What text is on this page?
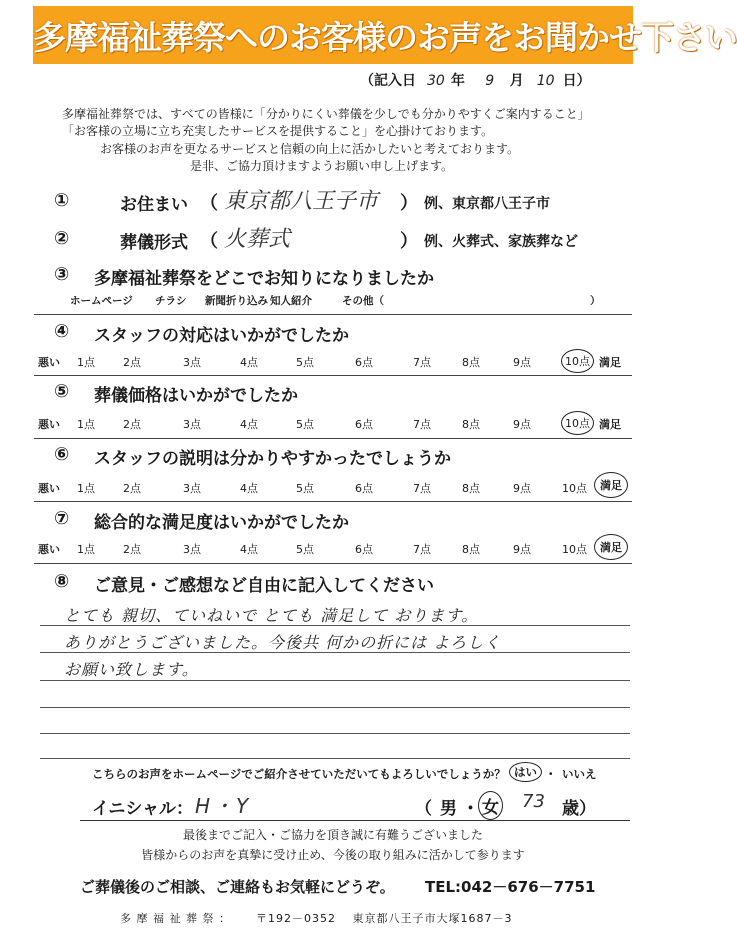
多摩福祉葬祭へのお客様のお声をお聞かせ下さい
（記入日 30 年 9 月 10 日）
多摩福祉葬祭では、すべての皆様に「分かりにくい葬儀を少しでも分かりやすくご案内すること」
「お客様の立場に立ち充実したサービスを提供すること」を心掛けております。
お客様のお声を更なるサービスと信頼の向上に活かしたいと考えております。
是非、ご協力頂けますようお願い申し上げます。
①	お住まい （ 東京都八王子市 ） 例、東京都八王子市
②	葬儀形式 （ 火葬式	） 例、火葬式、家族葬など
③ 多摩福祉葬祭をどこでお知りになりましたか
ホームページ チラシ 新聞折り込み 知人紹介	その他（	）
④ スタッフの対応はいかがでしたか
悪い 1点	2点	3点	4点	5点	6点	7点	8点	9点	10点 満足
⑤ 葬儀価格はいかがでしたか
悪い 1点	2点	3点	4点	5点	6点	7点	8点	9点	10点 満足
⑥ スタッフの説明は分かりやすかったでしょうか
悪い 1点	2点	3点	4点	5点	6点	7点	8点	9点	10点	満足
⑦ 総合的な満足度はいかがでしたか
悪い 1点	2点	3点	4点	5点	6点	7点	8点	9点	10点	満足
⑧ ご意見・ご感想など自由に記入してください
とても 親切、ていねいで とても 満足して おります。
ありがとうございました。今後共 何かの折には よろしく
お願い致します。
こちらのお声をホームページでご紹介させていただいてもよろしいでしょうか？ はい ・ いいえ
イニシャル： H・Y	（ 男 ・ 女 73 歳）
最後までご記入・ご協力を頂き誠に有難うございました
皆様からのお声を真摯に受け止め、今後の取り組みに活かして参ります
ご葬儀後のご相談、ご連絡もお気軽にどうぞ。 TEL:042－676－7751
多 摩 福 祉 葬 祭 ： 〒192－0352　 東京都八王子市大塚1687－3
